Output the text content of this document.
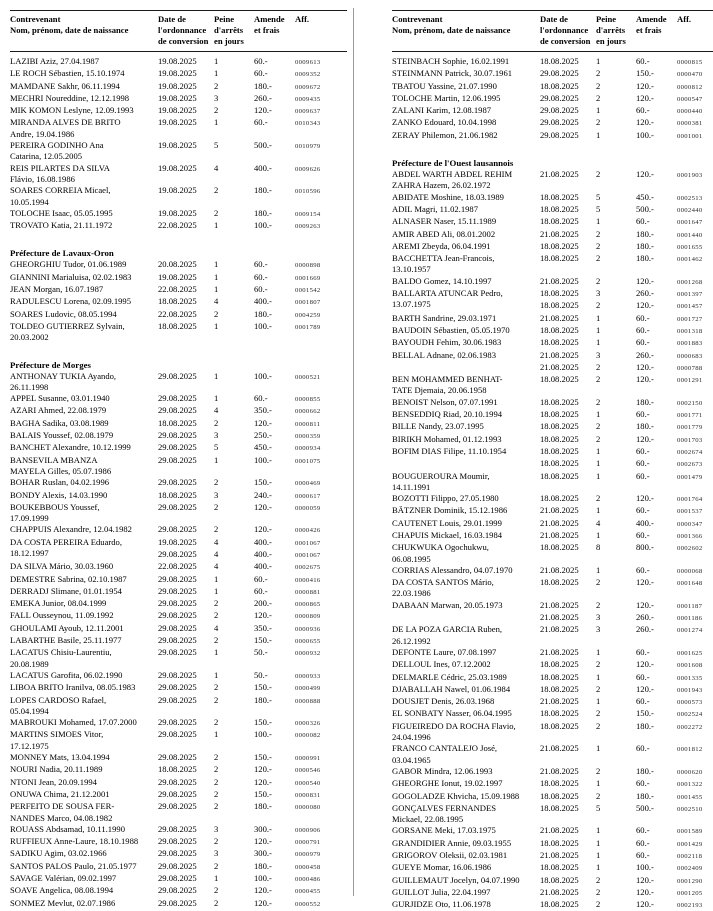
Contrevenant
Nom, prénom, date de naissance
Date de
l'ordonnance
de conversion
Peine
d'arrêts
en jours
Amende
et frais
Aff.
LAZIBI Aziz, 27.04.1987	19.08.2025	1	60.-	0009613
LE ROCH Sébastien, 15.10.1974	19.08.2025	1	60.-	0009352
MAMDANE Sakhr, 06.11.1994	19.08.2025	2	180.-	0009672
MECHRI Noureddine, 12.12.1998	19.08.2025	3	260.-	0009435
MIK KOMON Leslyne, 12.09.1993	19.08.2025	2	120.-	0009637
MIRANDA ALVES DE BRITO
Andre, 19.04.1986
19.08.2025	1	60.-	0010343
PEREIRA GODINHO Ana
Catarina, 12.05.2005
19.08.2025	5	500.-	0010979
REIS PILARTES DA SILVA
Flávio, 16.08.1986
19.08.2025	4	400.-	0009626
SOARES CORREIA Micael,
10.05.1994
19.08.2025	2	180.-	0010596
TOLOCHE Isaac, 05.05.1995	19.08.2025	2	180.-	0009154
TROVATO Katia, 21.11.1972	22.08.2025	1	100.-	0009263
Préfecture de Lavaux-Oron
GHEORGHIU Tudor, 01.06.1989	20.08.2025	1	60.-	0000898
GIANNINI Marialuisa, 02.02.1983	19.08.2025	1	60.-	0001669
JEAN Morgan, 16.07.1987	22.08.2025	1	60.-	0001542
RADULESCU Lorena, 02.09.1995	18.08.2025	4	400.-	0001807
SOARES Ludovic, 08.05.1994	22.08.2025	2	180.-	0004259
TOLDEO GUTIERREZ Sylvain,
20.03.2002
18.08.2025	1	100.-	0001789
Préfecture de Morges
ANTHONAY TUKIA Ayando,
26.11.1998
29.08.2025	1	100.-	0000521
APPEL Susanne, 03.01.1940	29.08.2025	1	60.-	0000855
AZARI Ahmed, 22.08.1979	29.08.2025	4	350.-	0000662
BAGHA Sadika, 03.08.1989	18.08.2025	2	120.-	0000811
BALAIS Youssef, 02.08.1979	29.08.2025	3	250.-	0000359
BANCHET Alexandre, 10.12.1999	29.08.2025	5	450.-	0000934
BANSEVILA MBANZA
MAYELA Gilles, 05.07.1986
29.08.2025	1	100.-	0001075
BOHAR Ruslan, 04.02.1996	29.08.2025	2	150.-	0000469
BONDY Alexis, 14.03.1990	18.08.2025	3	240.-	0000617
BOUKEBBOUS Youssef,
17.09.1999
29.08.2025	2	120.-	0000059
CHAPPUIS Alexandre, 12.04.1982	29.08.2025	2	120.-	0000426
DA COSTA PEREIRA Eduardo,
18.12.1997
19.08.2025	4	400.-	0001067
29.08.2025	4	400.-	0001067
DA SILVA Mário, 30.03.1960	22.08.2025	4	400.-	0002675
DEMESTRE Sabrina, 02.10.1987	29.08.2025	1	60.-	0000416
DERRADJ Slimane, 01.01.1954	29.08.2025	1	60.-	0000881
EMEKA Junior, 08.04.1999	29.08.2025	2	200.-	0000865
FALL Ousseynou, 11.09.1992	29.08.2025	2	120.-	0000809
GHOULAMI Ayoub, 12.11.2001	29.08.2025	4	350.-	0000936
LABARTHE Basile, 25.11.1977	29.08.2025	2	150.-	0000655
LACATUS Chisiu-Laurentiu,
20.08.1989
29.08.2025	1	50.-	0000932
LACATUS Garofita, 06.02.1990	29.08.2025	1	50.-	0000933
LIBOA BRITO Iranilva, 08.05.1983	29.08.2025	2	150.-	0000499
LOPES CARDOSO Rafael,
05.04.1994
29.08.2025	2	180.-	0000888
MABROUKI Mohamed, 17.07.2000	29.08.2025	2	150.-	0000326
MARTINS SIMOES Vitor,
17.12.1975
29.08.2025	1	100.-	0000082
MONNEY Mats, 13.04.1994	29.08.2025	2	150.-	0000991
NOURI Nadia, 20.11.1989	18.08.2025	2	120.-	0000546
NTONI Jean, 20.09.1994	29.08.2025	2	120.-	0000540
ONUWA Chima, 21.12.2001	29.08.2025	2	150.-	0000831
PERFEITO DE SOUSA FER-
NANDES Marco, 04.08.1982
29.08.2025	2	180.-	0000080
ROUASS Abdsamad, 10.11.1990	29.08.2025	3	300.-	0000906
RUFFIEUX Anne-Laure, 18.10.1988	29.08.2025	2	120.-	0000791
SADIKU Agim, 03.02.1966	29.08.2025	3	300.-	0000979
SANTOS PALOS Paulo, 21.05.1977	29.08.2025	2	180.-	0000458
SAVAGE Valérian, 09.02.1997	29.08.2025	1	100.-	0000486
SOAVE Angelica, 08.08.1994	29.08.2025	2	120.-	0000455
SONMEZ Mevlut, 02.07.1986	29.08.2025	2	120.-	0000552
Contrevenant
Nom, prénom, date de naissance
Date de
l'ordonnance
de conversion
Peine
d'arrêts
en jours
Amende
et frais
Aff.
STEINBACH Sophie, 16.02.1991	18.08.2025	1	60.-	0000815
STEINMANN Patrick, 30.07.1961	29.08.2025	2	150.-	0000470
TBATOU Yassine, 21.07.1990	18.08.2025	2	120.-	0000812
TOLOCHE Martin, 12.06.1995	29.08.2025	2	120.-	0000547
ZALANI Karim, 12.08.1987	29.08.2025	1	60.-	0000440
ZANKO Edouard, 10.04.1998	29.08.2025	2	120.-	0000381
ZERAY Philemon, 21.06.1982	29.08.2025	1	100.-	0001001
Préfecture de l'Ouest lausannois
ABDEL WARTH ABDEL REHIM
ZAHRA Hazem, 26.02.1972
21.08.2025	2	120.-	0001903
ABIDATE Moshine, 18.03.1989	18.08.2025	5	450.-	0002513
ADIL Magri, 11.02.1987	18.08.2025	5	500.-	0002440
ALNASER Naser, 15.11.1989	18.08.2025	1	60.-	0001647
AMIR ABED Ali, 08.01.2002	21.08.2025	2	180.-	0001440
AREMI Zbeyda, 06.04.1991	18.08.2025	2	180.-	0001655
BACCHETTA Jean-Francois,
13.10.1957
18.08.2025	2	180.-	0001462
BALDO Gomez, 14.10.1997	21.08.2025	2	120.-	0001268
BALLARTA ATUNCAR Pedro,
13.07.1975
18.08.2025	3	260.-	0001397
18.08.2025	2	120.-	0001457
BARTH Sandrine, 29.03.1971	21.08.2025	1	60.-	0001727
BAUDOIN Sébastien, 05.05.1970	18.08.2025	1	60.-	0001318
BAYOUDH Fehim, 30.06.1983	18.08.2025	1	60.-	0001883
BELLAL Adnane, 02.06.1983	21.08.2025	3	260.-	0000683
21.08.2025	2	120.-	0000788
BEN MOHAMMED BENHAT-
TATE Djemaia, 20.06.1958
18.08.2025	2	120.-	0001291
BENOIST Nelson, 07.07.1991	18.08.2025	2	180.-	0002150
BENSEDDIQ Riad, 20.10.1994	18.08.2025	1	60.-	0001771
BILLE Nandy, 23.07.1995	18.08.2025	2	180.-	0001779
BIRIKH Mohamed, 01.12.1993	18.08.2025	2	120.-	0001703
BOFIM DIAS Filipe, 11.10.1954	18.08.2025	1	60.-	0002674
18.08.2025	1	60.-	0002673
BOUGUEROURA Moumir,
14.11.1991
18.08.2025	1	60.-	0001479
BOZOTTI Filippo, 27.05.1980	18.08.2025	2	120.-	0001764
BÄTZNER Dominik, 15.12.1986	21.08.2025	1	60.-	0001537
CAUTENET Louis, 29.01.1999	21.08.2025	4	400.-	0000347
CHAPUIS Mickael, 16.03.1984	21.08.2025	1	60.-	0001366
CHUKWUKA Ogochukwu,
06.08.1995
18.08.2025	8	800.-	0002602
CORRIAS Alessandro, 04.07.1970	21.08.2025	1	60.-	0000068
DA COSTA SANTOS Mário,
22.03.1986
18.08.2025	2	120.-	0001648
DABAAN Marwan, 20.05.1973	21.08.2025	2	120.-	0001187
21.08.2025	3	260.-	0001186
DE LA POZA GARCIA Ruben,
26.12.1992
21.08.2025	3	260.-	0001274
DEFONTE Laure, 07.08.1997	21.08.2025	1	60.-	0001625
DELLOUL Ines, 07.12.2002	18.08.2025	2	120.-	0001608
DELMARLE Cédric, 25.03.1989	18.08.2025	1	60.-	0001335
DJABALLAH Nawel, 01.06.1984	18.08.2025	2	120.-	0001943
DOUSJET Denis, 26.03.1968	21.08.2025	1	60.-	0000573
EL SONBATY Nasser, 06.04.1995	18.08.2025	2	150.-	0002524
FIGUEIREDO DA ROCHA Flavio,
24.04.1996
18.08.2025	2	180.-	0002272
FRANCO CANTALEJO José,
03.04.1965
21.08.2025	1	60.-	0001812
GABOR Mindra, 12.06.1993	21.08.2025	2	180.-	0000620
GHEORGHE Ionut, 19.02.1997	18.08.2025	1	60.-	0001322
GOGOLADZE Khvicha, 15.09.1988	18.08.2025	2	180.-	0001455
GONÇALVES FERNANDES
Mickael, 22.08.1995
18.08.2025	5	500.-	0002510
GORSANE Meki, 17.03.1975	21.08.2025	1	60.-	0001589
GRANDIDIER Annie, 09.03.1955	18.08.2025	1	60.-	0001429
GRIGOROV Oleksii, 02.03.1981	21.08.2025	1	60.-	0002118
GUEYE Momar, 16.06.1986	18.08.2025	1	100.-	0002409
GUILLEMAUT Jocelyn, 04.07.1990	18.08.2025	2	120.-	0001290
GUILLOT Julia, 22.04.1997	21.08.2025	2	120.-	0001205
GURJIDZE Oto, 11.06.1978	18.08.2025	2	120.-	0002193
